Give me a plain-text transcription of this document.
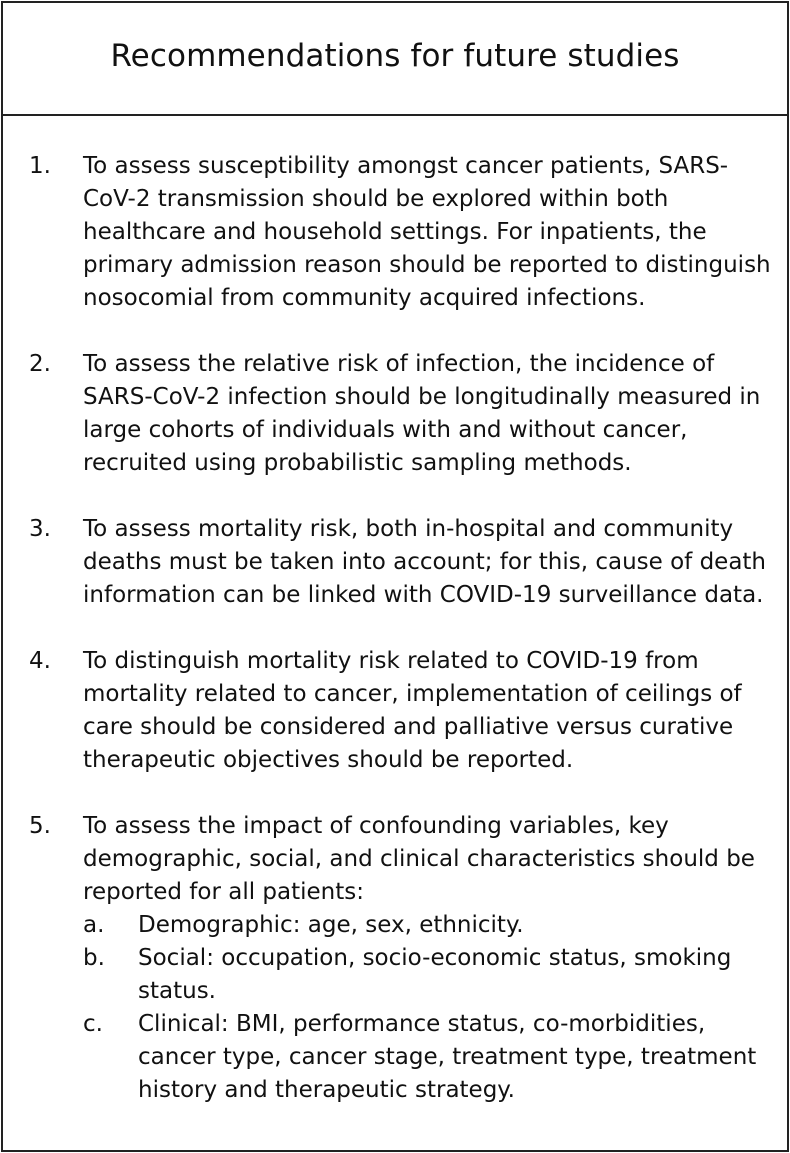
Recommendations for future studies
1. To assess susceptibility amongst cancer patients, SARS-CoV-2 transmission should be explored within both healthcare and household settings. For inpatients, the primary admission reason should be reported to distinguish nosocomial from community acquired infections.
2. To assess the relative risk of infection, the incidence of SARS-CoV-2 infection should be longitudinally measured in large cohorts of individuals with and without cancer, recruited using probabilistic sampling methods.
3. To assess mortality risk, both in-hospital and community deaths must be taken into account; for this, cause of death information can be linked with COVID-19 surveillance data.
4. To distinguish mortality risk related to COVID-19 from mortality related to cancer, implementation of ceilings of care should be considered and palliative versus curative therapeutic objectives should be reported.
5. To assess the impact of confounding variables, key demographic, social, and clinical characteristics should be reported for all patients:
a. Demographic: age, sex, ethnicity.
b. Social: occupation, socio-economic status, smoking status.
c. Clinical: BMI, performance status, co-morbidities, cancer type, cancer stage, treatment type, treatment history and therapeutic strategy.
